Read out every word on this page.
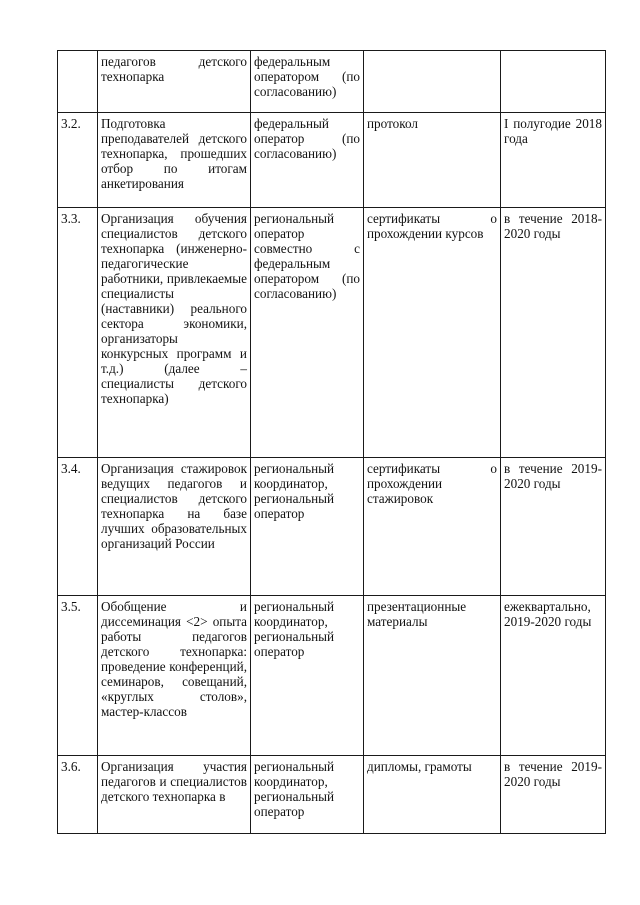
	педагогов детского технопарка	федеральным оператором (по согласованию)		
3.2.	Подготовка преподавателей детского технопарка, прошедших отбор по итогам анкетирования	федеральный оператор (по согласованию)	протокол	I полугодие 2018 года
3.3.	Организация обучения специалистов детского технопарка (инженерно-педагогические работники, привлекаемые специалисты (наставники) реального сектора экономики, организаторы конкурсных программ и т.д.) (далее – специалисты детского технопарка)	региональный оператор совместно с федеральным оператором (по согласованию)	сертификаты о прохождении курсов	в течение 2018-2020 годы
3.4.	Организация стажировок ведущих педагогов и специалистов детского технопарка на базе лучших образовательных организаций России	региональный координатор, региональный оператор	сертификаты о прохождении стажировок	в течение 2019-2020 годы
3.5.	Обобщение и диссеминация <2> опыта работы педагогов детского технопарка: проведение конференций, семинаров, совещаний, «круглых столов», мастер-классов	региональный координатор, региональный оператор	презентационные материалы	ежеквартально, 2019-2020 годы
3.6.	Организация участия педагогов и специалистов детского технопарка в	региональный координатор, региональный оператор	дипломы, грамоты	в течение 2019-2020 годы
